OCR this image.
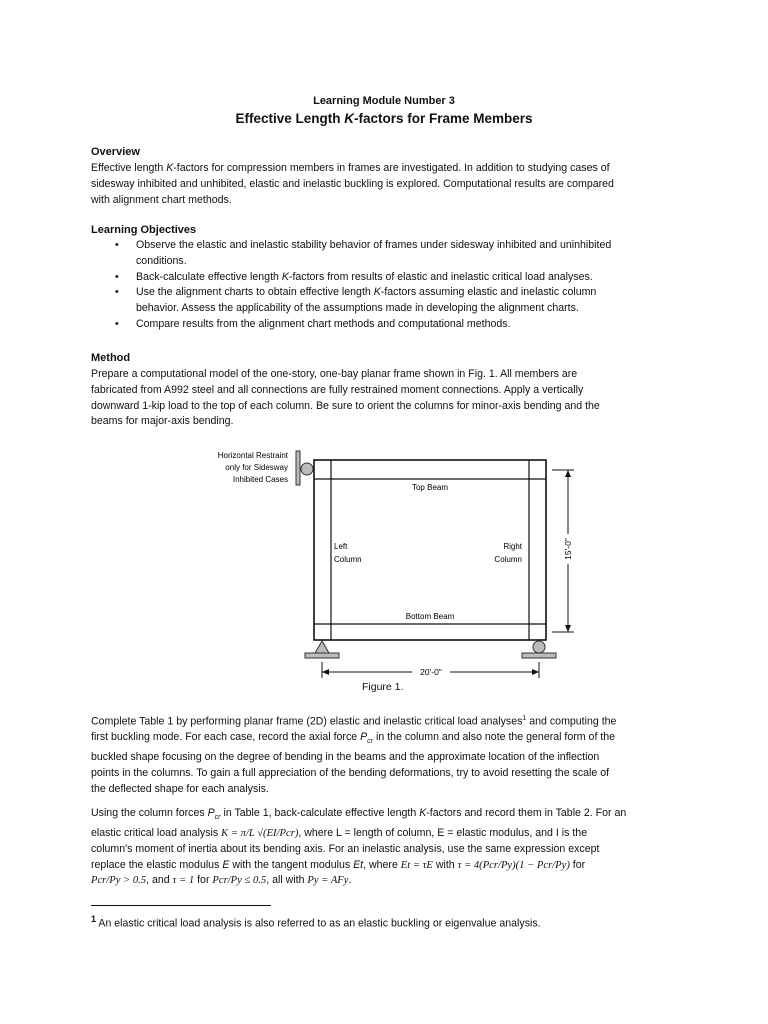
Learning Module Number 3
Effective Length K-factors for Frame Members
Overview
Effective length K-factors for compression members in frames are investigated. In addition to studying cases of
sidesway inhibited and unhibited, elastic and inelastic buckling is explored. Computational results are compared
with alignment chart methods.
Learning Objectives
• Observe the elastic and inelastic stability behavior of frames under sidesway inhibited and uninhibited
conditions.
• Back-calculate effective length K-factors from results of elastic and inelastic critical load analyses.
• Use the alignment charts to obtain effective length K-factors assuming elastic and inelastic column
behavior. Assess the applicability of the assumptions made in developing the alignment charts.
• Compare results from the alignment chart methods and computational methods.
Method
Prepare a computational model of the one-story, one-bay planar frame shown in Fig. 1. All members are
fabricated from A992 steel and all connections are fully restrained moment connections. Apply a vertically
downward 1-kip load to the top of each column. Be sure to orient the columns for minor-axis bending and the
beams for major-axis bending.
Horizontal Restraint
only for Sidesway
Inhibited Cases
Top Beam
Bottom Beam
Left
Column
Right
Column	15'-0"
20'-0"
Figure 1.
Complete Table 1 by performing planar frame (2D) elastic and inelastic critical load analyses$^1$ and computing the
first buckling mode. For each case, record the axial force $P_{cr}$ in the column and also note the general form of the
buckled shape focusing on the degree of bending in the beams and the approximate location of the inflection
points in the columns. To gain a full appreciation of the bending deformations, try to avoid resetting the scale of
the deflected shape for each analysis.
Using the column forces $P_{cr}$ in Table 1, back-calculate effective length K-factors and record them in Table 2. For an
elastic critical load analysis K = π/L √(EI/Pcr), where L = length of column, E = elastic modulus, and I is the
column's moment of inertia about its bending axis. For an inelastic analysis, use the same expression except
replace the elastic modulus E with the tangent modulus Et, where Et = τE with τ = 4(Pcr/Py)(1 − Pcr/Py) for
Pcr/Py > 0.5, and τ = 1 for Pcr/Py ≤ 0.5, all with Py = AFy.
$^1$ An elastic critical load analysis is also referred to as an elastic buckling or eigenvalue analysis.
